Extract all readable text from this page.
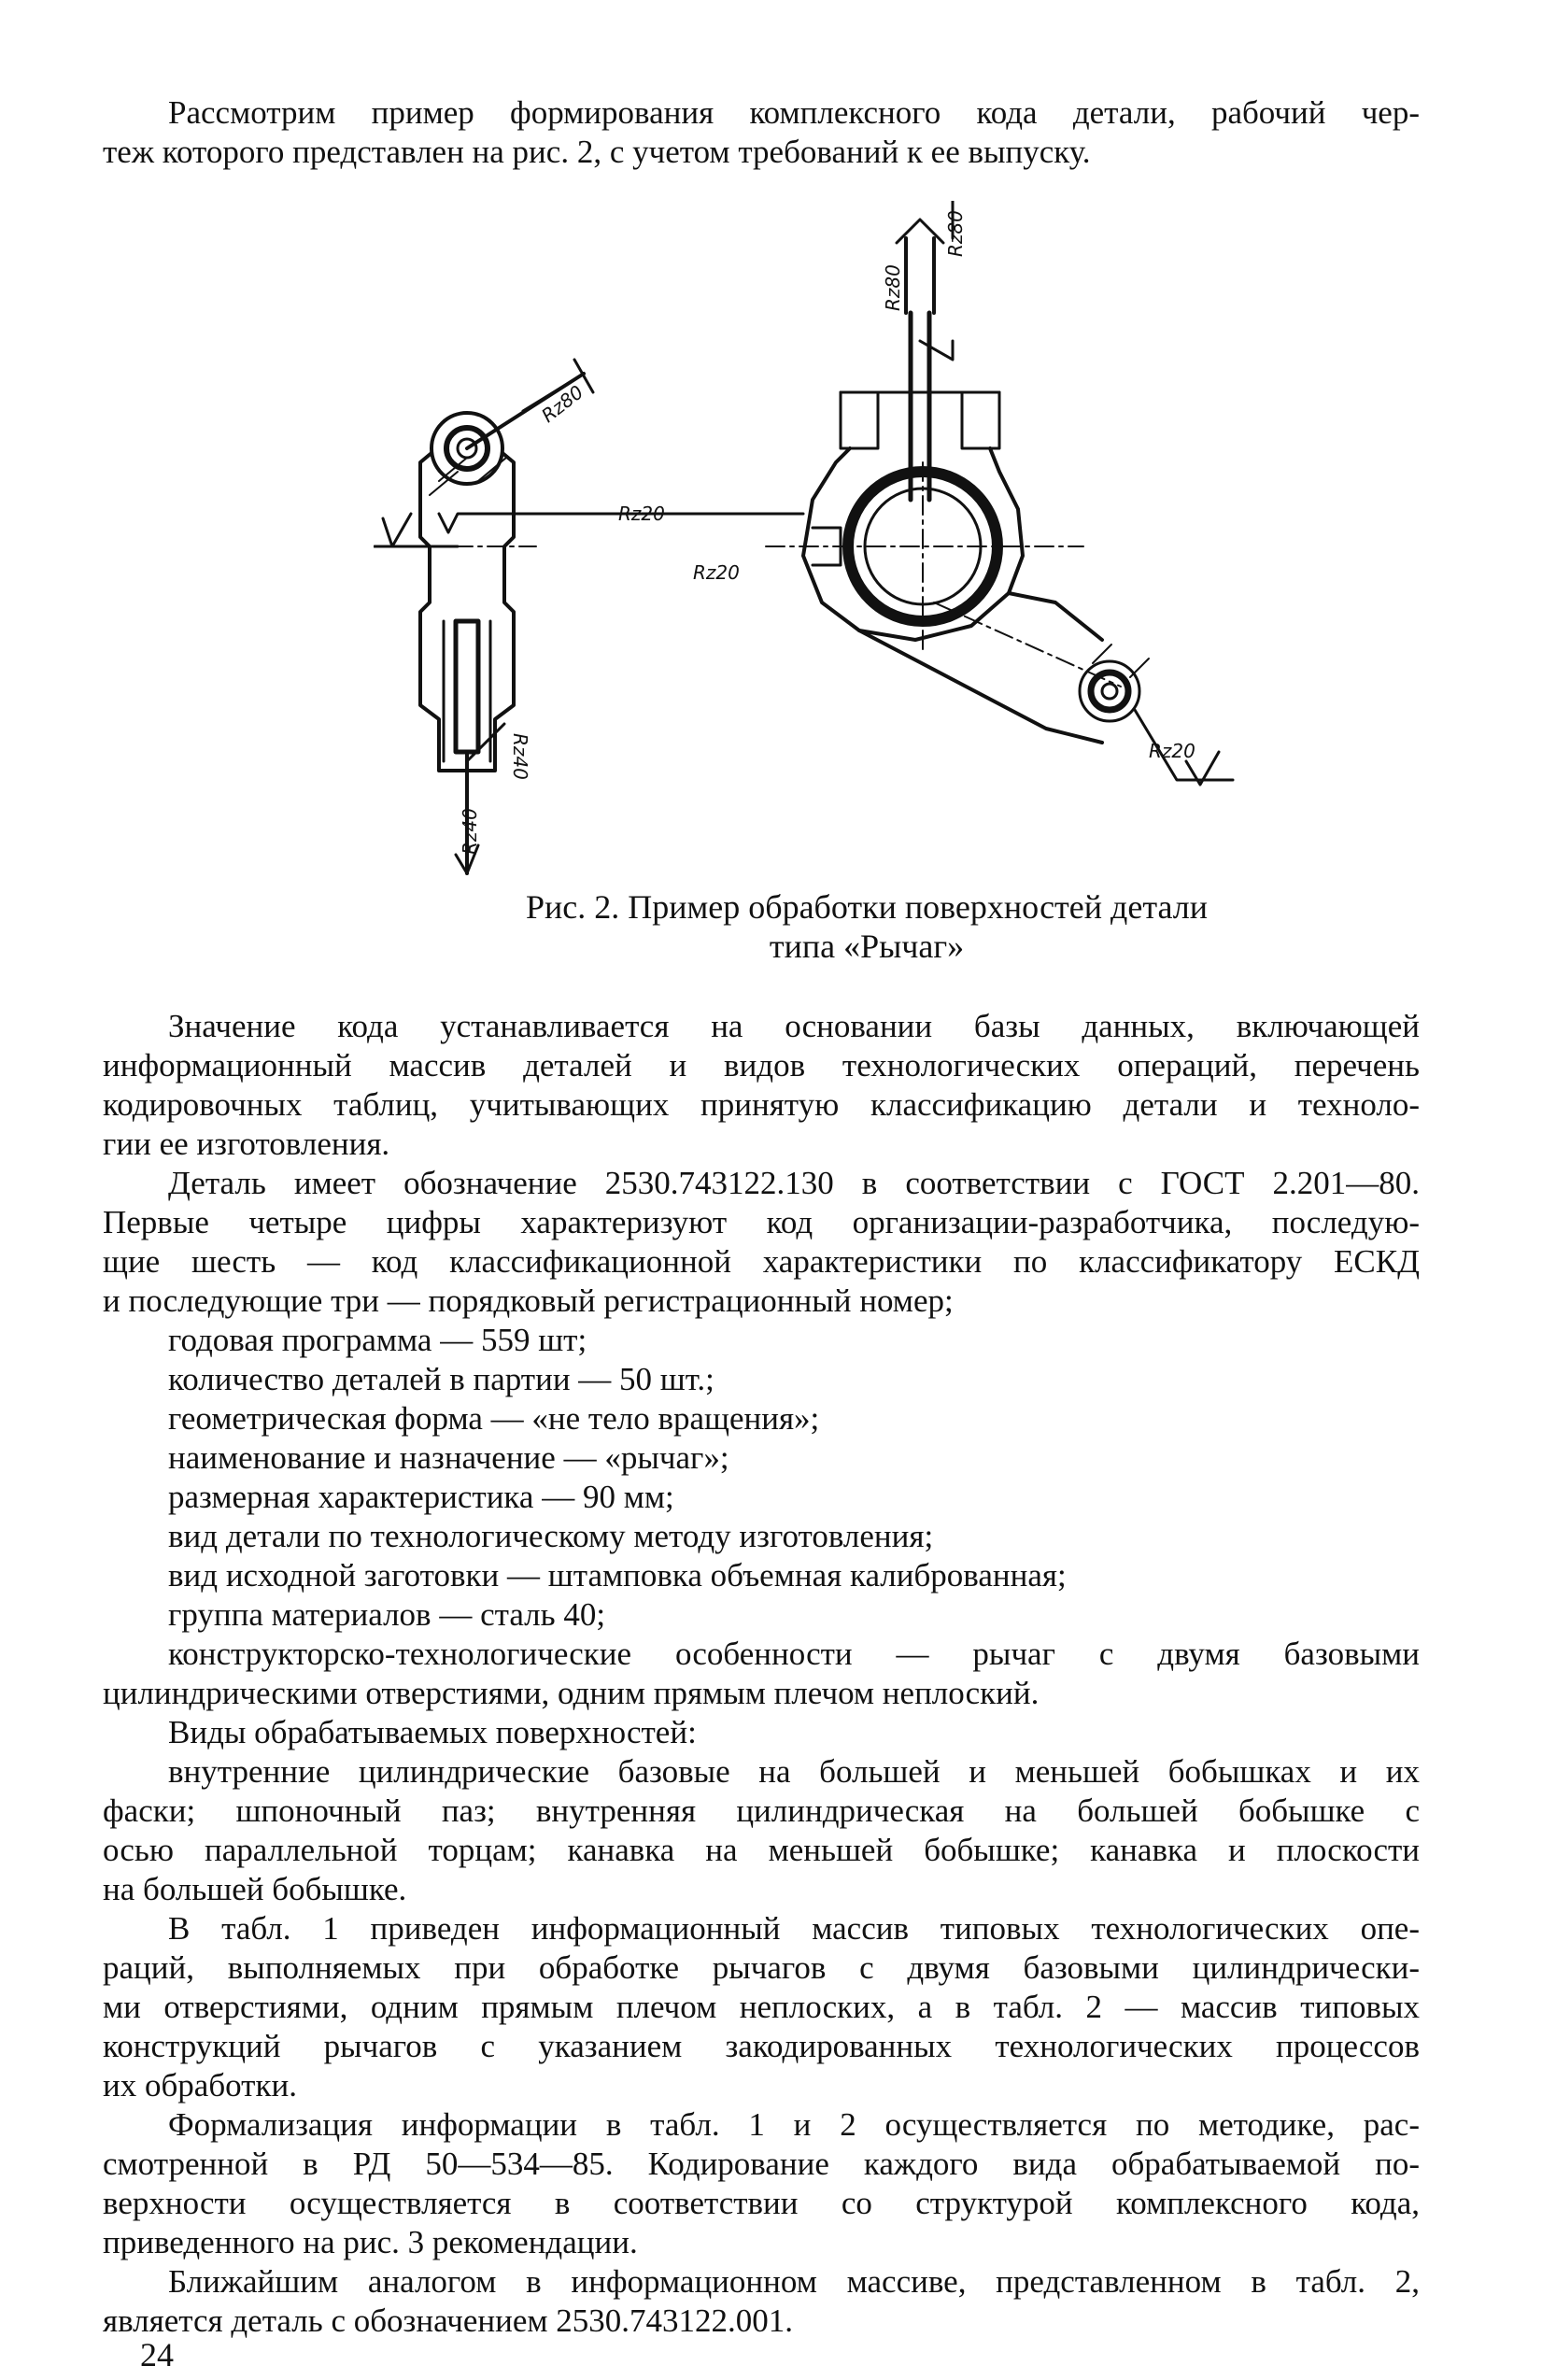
Рассмотрим пример формирования комплексного кода детали, рабочий чер-
теж которого представлен на рис. 2, с учетом требований к ее выпуску.
Rz80
Rz80
Rz80
Rz20
Rz20
Rz20
Rz40
Rz40
Рис. 2. Пример обработки поверхностей детали
типа «Рычаг»
Значение кода устанавливается на основании базы данных, включающей
информационный массив деталей и видов технологических операций, перечень
кодировочных таблиц, учитывающих принятую классификацию детали и техноло-
гии ее изготовления.
Деталь имеет обозначение 2530.743122.130 в соответствии с ГОСТ 2.201—80.
Первые четыре цифры характеризуют код организации-разработчика, последую-
щие шесть — код классификационной характеристики по классификатору ЕСКД
и последующие три — порядковый регистрационный номер;
годовая программа — 559 шт;
количество деталей в партии — 50 шт.;
геометрическая форма — «не тело вращения»;
наименование и назначение — «рычаг»;
размерная характеристика — 90 мм;
вид детали по технологическому методу изготовления;
вид исходной заготовки — штамповка объемная калиброванная;
группа материалов — сталь 40;
конструкторско-технологические особенности — рычаг с двумя базовыми
цилиндрическими отверстиями, одним прямым плечом неплоский.
Виды обрабатываемых поверхностей:
внутренние цилиндрические базовые на большей и меньшей бобышках и их
фаски; шпоночный паз; внутренняя цилиндрическая на большей бобышке с
осью параллельной торцам; канавка на меньшей бобышке; канавка и плоскости
на большей бобышке.
В табл. 1 приведен информационный массив типовых технологических опе-
раций, выполняемых при обработке рычагов с двумя базовыми цилиндрически-
ми отверстиями, одним прямым плечом неплоских, а в табл. 2 — массив типовых
конструкций рычагов с указанием закодированных технологических процессов
их обработки.
Формализация информации в табл. 1 и 2 осуществляется по методике, рас-
смотренной в РД 50—534—85. Кодирование каждого вида обрабатываемой по-
верхности осуществляется в соответствии со структурой комплексного кода,
приведенного на рис. 3 рекомендации.
Ближайшим аналогом в информационном массиве, представленном в табл. 2,
является деталь с обозначением 2530.743122.001.
24
